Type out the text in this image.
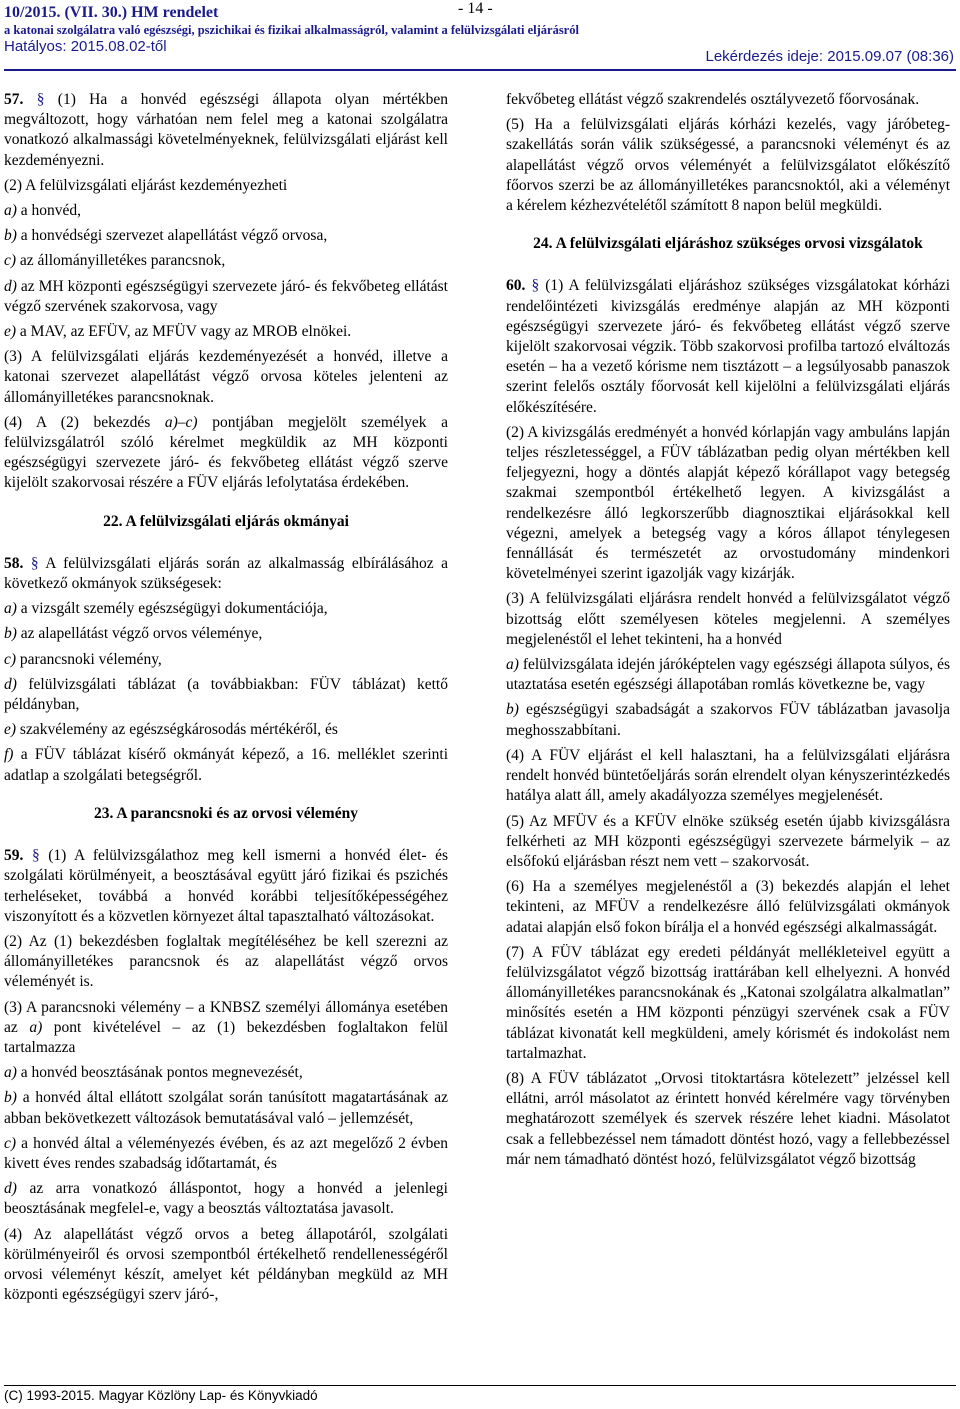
10/2015. (VII. 30.) HM rendelet
a katonai szolgálatra való egészségi, pszichikai és fizikai alkalmasságról, valamint a felülvizsgálati eljárásról
Hatályos: 2015.08.02-től
- 14 -
Lekérdezés ideje: 2015.09.07 (08:36)

57. § (1) Ha a honvéd egészségi állapota olyan mértékben megváltozott, hogy várhatóan nem felel meg a katonai szolgálatra vonatkozó alkalmassági követelményeknek, felülvizsgálati eljárást kell kezdeményezni.

(2) A felülvizsgálati eljárást kezdeményezheti

a) a honvéd,

b) a honvédségi szervezet alapellátást végző orvosa,

c) az állományilletékes parancsnok,

d) az MH központi egészségügyi szervezete járó- és fekvőbeteg ellátást végző szervének szakorvosa, vagy

e) a MAV, az EFÜV, az MFÜV vagy az MROB elnökei.

(3) A felülvizsgálati eljárás kezdeményezését a honvéd, illetve a katonai szervezet alapellátást végző orvosa köteles jelenteni az állományilletékes parancsnoknak.

(4) A (2) bekezdés a)–c) pontjában megjelölt személyek a felülvizsgálatról szóló kérelmet megküldik az MH központi egészségügyi szervezete járó- és fekvőbeteg ellátást végző szerve kijelölt szakorvosai részére a FÜV eljárás lefolytatása érdekében.

22. A felülvizsgálati eljárás okmányai

58. § A felülvizsgálati eljárás során az alkalmasság elbírálásához a következő okmányok szükségesek:

a) a vizsgált személy egészségügyi dokumentációja,

b) az alapellátást végző orvos véleménye,

c) parancsnoki vélemény,

d) felülvizsgálati táblázat (a továbbiakban: FÜV táblázat) kettő példányban,

e) szakvélemény az egészségkárosodás mértékéről, és

f) a FÜV táblázat kísérő okmányát képező, a 16. melléklet szerinti adatlap a szolgálati betegségről.

23. A parancsnoki és az orvosi vélemény

59. § (1) A felülvizsgálathoz meg kell ismerni a honvéd élet- és szolgálati körülményeit, a beosztásával együtt járó fizikai és pszichés terheléseket, továbbá a honvéd korábbi teljesítőképességéhez viszonyított és a közvetlen környezet által tapasztalható változásokat.

(2) Az (1) bekezdésben foglaltak megítéléséhez be kell szerezni az állományilletékes parancsnok és az alapellátást végző orvos véleményét is.

(3) A parancsnoki vélemény – a KNBSZ személyi állománya esetében az a) pont kivételével – az (1) bekezdésben foglaltakon felül tartalmazza

a) a honvéd beosztásának pontos megnevezését,

b) a honvéd által ellátott szolgálat során tanúsított magatartásának az abban bekövetkezett változások bemutatásával való – jellemzését,

c) a honvéd által a véleményezés évében, és az azt megelőző 2 évben kivett éves rendes szabadság időtartamát, és

d) az arra vonatkozó álláspontot, hogy a honvéd a jelenlegi beosztásának megfelel-e, vagy a beosztás változtatása javasolt.

(4) Az alapellátást végző orvos a beteg állapotáról, szolgálati körülményeiről és orvosi szempontból értékelhető rendellenességéről orvosi véleményt készít, amelyet két példányban megküld az MH központi egészségügyi szerv járó-,

fekvőbeteg ellátást végző szakrendelés osztályvezető főorvosának.

(5) Ha a felülvizsgálati eljárás kórházi kezelés, vagy járóbeteg-szakellátás során válik szükségessé, a parancsnoki véleményt és az alapellátást végző orvos véleményét a felülvizsgálatot előkészítő főorvos szerzi be az állományilletékes parancsnoktól, aki a véleményt a kérelem kézhezvételétől számított 8 napon belül megküldi.

24. A felülvizsgálati eljáráshoz szükséges orvosi vizsgálatok

60. § (1) A felülvizsgálati eljáráshoz szükséges vizsgálatokat kórházi rendelőintézeti kivizsgálás eredménye alapján az MH központi egészségügyi szervezete járó- és fekvőbeteg ellátást végző szerve kijelölt szakorvosai végzik. Több szakorvosi profilba tartozó elváltozás esetén – ha a vezető kórisme nem tisztázott – a legsúlyosabb panaszok szerint felelős osztály főorvosát kell kijelölni a felülvizsgálati eljárás előkészítésére.

(2) A kivizsgálás eredményét a honvéd kórlapján vagy ambuláns lapján teljes részletességgel, a FÜV táblázatban pedig olyan mértékben kell feljegyezni, hogy a döntés alapját képező kórállapot vagy betegség szakmai szempontból értékelhető legyen. A kivizsgálást a rendelkezésre álló legkorszerűbb diagnosztikai eljárásokkal kell végezni, amelyek a betegség vagy a kóros állapot ténylegesen fennállását és természetét az orvostudomány mindenkori követelményei szerint igazolják vagy kizárják.

(3) A felülvizsgálati eljárásra rendelt honvéd a felülvizsgálatot végző bizottság előtt személyesen köteles megjelenni. A személyes megjelenéstől el lehet tekinteni, ha a honvéd

a) felülvizsgálata idején járóképtelen vagy egészségi állapota súlyos, és utaztatása esetén egészségi állapotában romlás következne be, vagy

b) egészségügyi szabadságát a szakorvos FÜV táblázatban javasolja meghosszabbítani.

(4) A FÜV eljárást el kell halasztani, ha a felülvizsgálati eljárásra rendelt honvéd büntetőeljárás során elrendelt olyan kényszerintézkedés hatálya alatt áll, amely akadályozza személyes megjelenését.

(5) Az MFÜV és a KFÜV elnöke szükség esetén újabb kivizsgálásra felkérheti az MH központi egészségügyi szervezete bármelyik – az elsőfokú eljárásban részt nem vett – szakorvosát.

(6) Ha a személyes megjelenéstől a (3) bekezdés alapján el lehet tekinteni, az MFÜV a rendelkezésre álló felülvizsgálati okmányok adatai alapján első fokon bírálja el a honvéd egészségi alkalmasságát.

(7) A FÜV táblázat egy eredeti példányát mellékleteivel együtt a felülvizsgálatot végző bizottság irattárában kell elhelyezni. A honvéd állományilletékes parancsnokának és „Katonai szolgálatra alkalmatlan” minősítés esetén a HM központi pénzügyi szervének csak a FÜV táblázat kivonatát kell megküldeni, amely kórismét és indokolást nem tartalmazhat.

(8) A FÜV táblázatot „Orvosi titoktartásra kötelezett” jelzéssel kell ellátni, arról másolatot az érintett honvéd kérelmére vagy törvényben meghatározott személyek és szervek részére lehet kiadni. Másolatot csak a fellebbezéssel nem támadott döntést hozó, vagy a fellebbezéssel már nem támadható döntést hozó, felülvizsgálatot végző bizottság

(C) 1993-2015. Magyar Közlöny Lap- és Könyvkiadó
